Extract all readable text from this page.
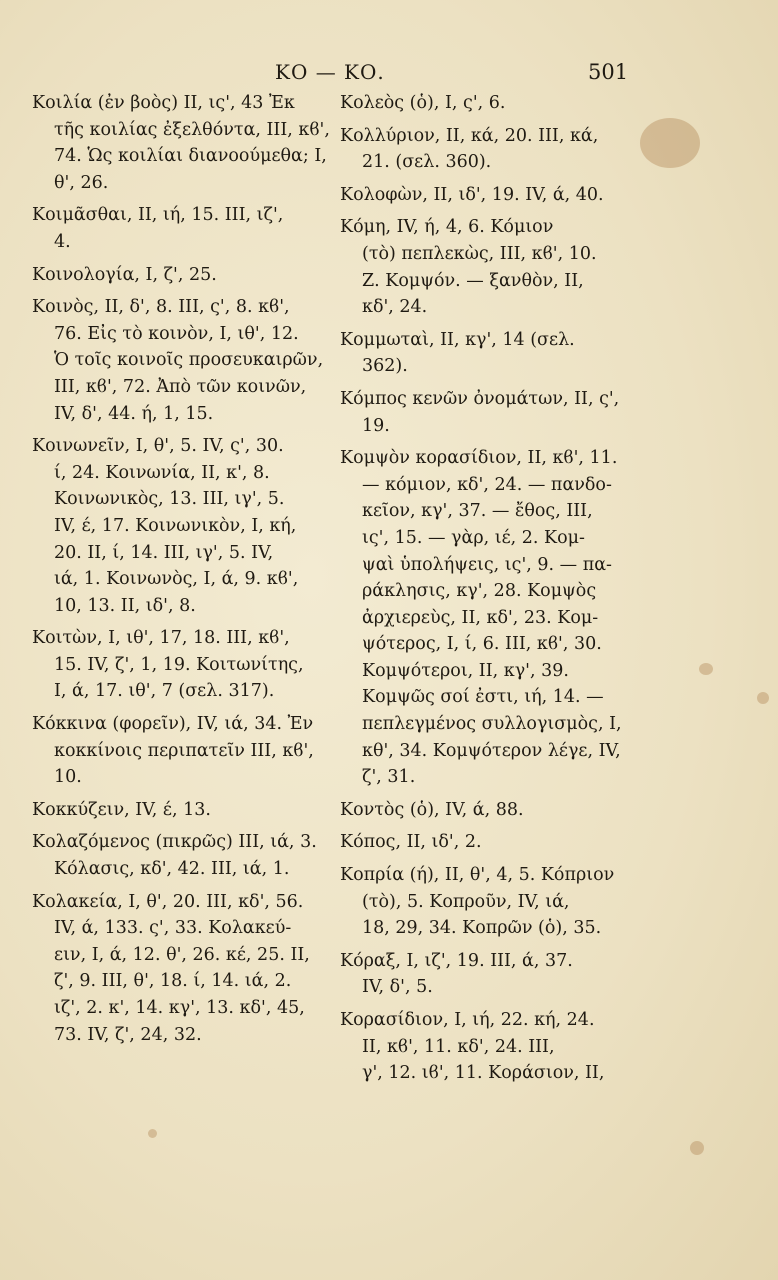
ΚΟ — ΚΟ.	501
Κοιλία (ἐν βοὸς) II, ις', 43 Ἐκ
τῆς κοιλίας ἐξελθόντα, III, κϐ',
74. Ὡς κοιλίαι διανοούμεθα; I,
θ', 26.
Κοιμᾶσθαι, II, ιή, 15. III, ιζ',
4.
Κοινολογία, I, ζ', 25.
Κοινὸς, II, δ', 8. III, ς', 8. κϐ',
76. Εἰς τὸ κοινὸν, I, ιθ', 12.
Ὁ τοῖς κοινοῖς προσευκαιρῶν,
III, κϐ', 72. Ἀπὸ τῶν κοινῶν,
IV, δ', 44. ή, 1, 15.
Κοινωνεῖν, I, θ', 5. IV, ς', 30.
ί, 24. Κοινωνία, II, κ', 8.
Κοινωνικὸς, 13. III, ιγ', 5.
IV, έ, 17. Κοινωνικὸν, I, κή,
20. II, ί, 14. III, ιγ', 5. IV,
ιά, 1. Κοινωνὸς, I, ά, 9. κϐ',
10, 13. II, ιδ', 8.
Κοιτὼν, I, ιθ', 17, 18. III, κϐ',
15. IV, ζ', 1, 19. Κοιτωνίτης,
I, ά, 17. ιθ', 7 (σελ. 317).
Κόκκινα (φορεῖν), IV, ιά, 34. Ἐν
κοκκίνοις περιπατεῖν III, κϐ',
10.
Κοκκύζειν, IV, έ, 13.
Κολαζόμενος (πικρῶς) III, ιά, 3.
Κόλασις, κδ', 42. III, ιά, 1.
Κολακεία, I, θ', 20. III, κδ', 56.
IV, ά, 133. ς', 33. Κολακεύ-
ειν, I, ά, 12. θ', 26. κέ, 25. II,
ζ', 9. III, θ', 18. ί, 14. ιά, 2.
ιζ', 2. κ', 14. κγ', 13. κδ', 45,
73. IV, ζ', 24, 32.
Κολεὸς (ὁ), I, ς', 6.
Κολλύριον, II, κά, 20. III, κά,
21. (σελ. 360).
Κολοφὼν, II, ιδ', 19. IV, ά, 40.
Κόμη, IV, ή, 4, 6. Κόμιον
(τὸ) πεπλεκὼς, III, κϐ', 10.
Ζ. Κομψόν. — ξανθὸν, II,
κδ', 24.
Κομμωταὶ, II, κγ', 14 (σελ.
362).
Κόμπος κενῶν ὀνομάτων, II, ς',
19.
Κομψὸν κορασίδιον, II, κϐ', 11.
— κόμιον, κδ', 24. — πανδο-
κεῖον, κγ', 37. — ἔθος, III,
ις', 15. — γὰρ, ιέ, 2. Κομ-
ψαὶ ὑπολήψεις, ις', 9. — πα-
ράκλησις, κγ', 28. Κομψὸς
ἀρχιερεὺς, II, κδ', 23. Κομ-
ψότερος, I, ί, 6. III, κϐ', 30.
Κομψότεροι, II, κγ', 39.
Κομψῶς σοί ἐστι, ιή, 14. —
πεπλεγμένος συλλογισμὸς, I,
κθ', 34. Κομψότερον λέγε, IV,
ζ', 31.
Κοντὸς (ὁ), IV, ά, 88.
Κόπος, II, ιδ', 2.
Κοπρία (ή), II, θ', 4, 5. Κόπριον
(τὸ), 5. Κοπροῦν, IV, ιά,
18, 29, 34. Κοπρῶν (ὁ), 35.
Κόραξ, I, ιζ', 19. III, ά, 37.
IV, δ', 5.
Κορασίδιον, I, ιή, 22. κή, 24.
II, κϐ', 11. κδ', 24. III,
γ', 12. ιϐ', 11. Κοράσιον, II,
